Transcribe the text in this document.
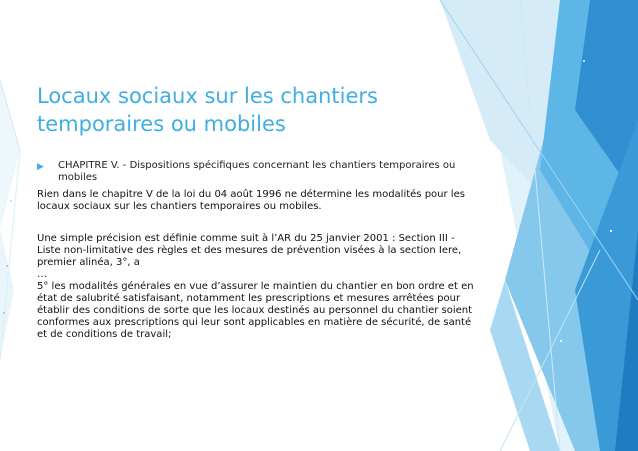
Locaux sociaux sur les chantiers temporaires ou mobiles
▶	CHAPITRE V. - Dispositions spécifiques concernant les chantiers temporaires ou mobiles

Rien dans le chapitre V de la loi du 04 août 1996 ne détermine les modalités pour les locaux sociaux sur les chantiers temporaires ou mobiles.

Une simple précision est définie comme suit à l’AR du 25 janvier 2001 : Section III - Liste non-limitative des règles et des mesures de prévention visées à la section Iere, premier alinéa, 3°, a

…

5° les modalités générales en vue d’assurer le maintien du chantier en bon ordre et en état de salubrité satisfaisant, notamment les prescriptions et mesures arrêtées pour établir des conditions de sorte que les locaux destinés au personnel du chantier soient conformes aux prescriptions qui leur sont applicables en matière de sécurité, de santé et de conditions de travail;
